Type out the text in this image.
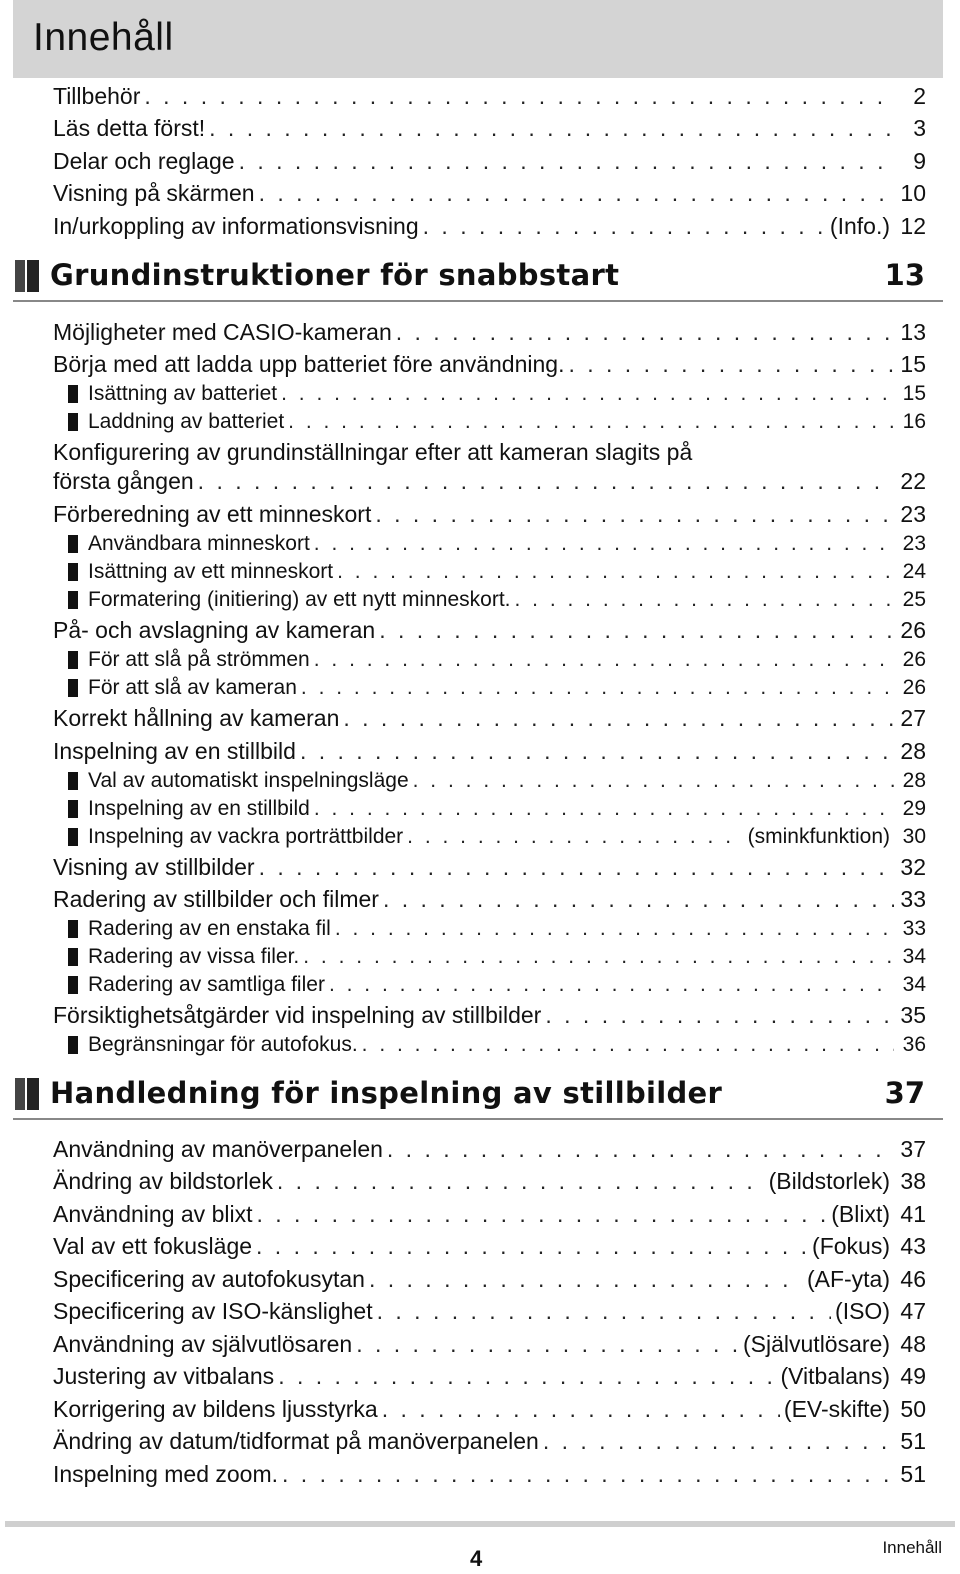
Innehåll
Tillbehör . . .	2
Läs detta först! . . .	3
Delar och reglage . . .	9
Visning på skärmen . . .	10
In/urkoppling av informationsvisning . . .	(Info.) 12
Grundinstruktioner för snabbstart	13
Möjligheter med CASIO-kameran . . .	13
Börja med att ladda upp batteriet före användning. . . .	15
Isättning av batteriet . . .	15
Laddning av batteriet . . .	16
Konfigurering av grundinställningar efter att kameran slagits på
första gången . . .	22
Förberedning av ett minneskort . . .	23
Användbara minneskort . . .	23
Isättning av ett minneskort . . .	24
Formatering (initiering) av ett nytt minneskort. . . .	25
På- och avslagning av kameran . . .	26
För att slå på strömmen . . .	26
För att slå av kameran . . .	26
Korrekt hållning av kameran . . .	27
Inspelning av en stillbild . . .	28
Val av automatiskt inspelningsläge . . .	28
Inspelning av en stillbild . . .	29
Inspelning av vackra porträttbilder . . .	(sminkfunktion) 30
Visning av stillbilder . . .	32
Radering av stillbilder och filmer . . .	33
Radering av en enstaka fil . . .	33
Radering av vissa filer. . . .	34
Radering av samtliga filer . . .	34
Försiktighetsåtgärder vid inspelning av stillbilder . . .	35
Begränsningar för autofokus. . . .	36
Handledning för inspelning av stillbilder	37
Användning av manöverpanelen . . .	37
Ändring av bildstorlek . . .	(Bildstorlek) 38
Användning av blixt . . .	(Blixt) 41
Val av ett fokusläge . . .	(Fokus) 43
Specificering av autofokusytan . . .	(AF-yta) 46
Specificering av ISO-känslighet . . .	(ISO) 47
Användning av självutlösaren . . .	(Självutlösare) 48
Justering av vitbalans . . .	(Vitbalans) 49
Korrigering av bildens ljusstyrka . . .	(EV-skifte) 50
Ändring av datum/tidformat på manöverpanelen . . .	51
Inspelning med zoom. . . .	51
4	Innehåll
